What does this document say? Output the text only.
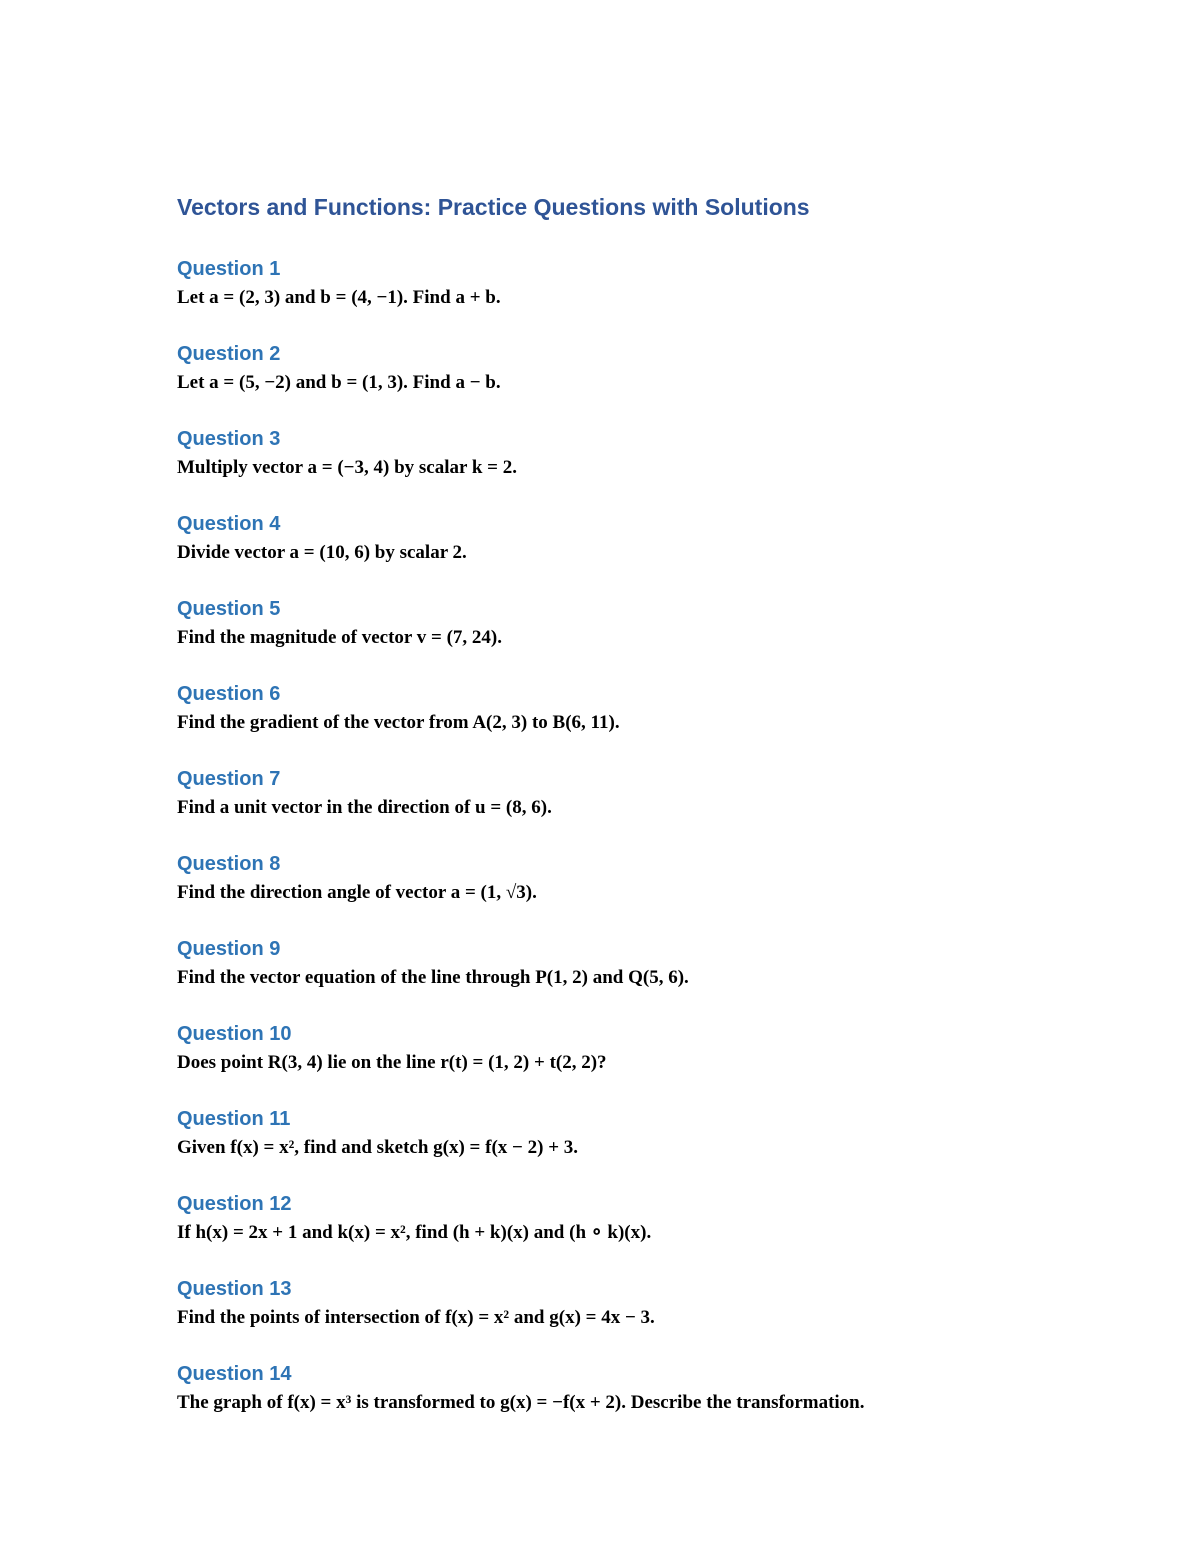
Vectors and Functions: Practice Questions with Solutions
Question 1
Let a = (2, 3) and b = (4, −1). Find a + b.
Question 2
Let a = (5, −2) and b = (1, 3). Find a − b.
Question 3
Multiply vector a = (−3, 4) by scalar k = 2.
Question 4
Divide vector a = (10, 6) by scalar 2.
Question 5
Find the magnitude of vector v = (7, 24).
Question 6
Find the gradient of the vector from A(2, 3) to B(6, 11).
Question 7
Find a unit vector in the direction of u = (8, 6).
Question 8
Find the direction angle of vector a = (1, √3).
Question 9
Find the vector equation of the line through P(1, 2) and Q(5, 6).
Question 10
Does point R(3, 4) lie on the line r(t) = (1, 2) + t(2, 2)?
Question 11
Given f(x) = x², find and sketch g(x) = f(x − 2) + 3.
Question 12
If h(x) = 2x + 1 and k(x) = x², find (h + k)(x) and (h ∘ k)(x).
Question 13
Find the points of intersection of f(x) = x² and g(x) = 4x − 3.
Question 14
The graph of f(x) = x³ is transformed to g(x) = −f(x + 2). Describe the transformation.
